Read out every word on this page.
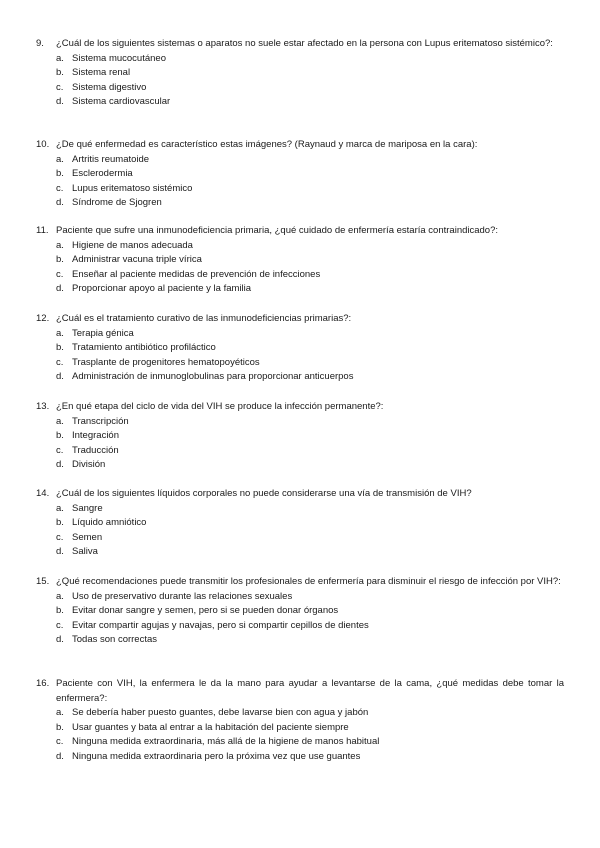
9.	¿Cuál de los siguientes sistemas o aparatos no suele estar afectado en la persona con Lupus eritematoso sistémico?:
a. Sistema mucocutáneo
b. Sistema renal
c. Sistema digestivo
d. Sistema cardiovascular
10. ¿De qué enfermedad es característico estas imágenes? (Raynaud y marca de mariposa en la cara):
a. Artritis reumatoide
b. Esclerodermia
c. Lupus eritematoso sistémico
d. Síndrome de Sjogren
11. Paciente que sufre una inmunodeficiencia primaria, ¿qué cuidado de enfermería estaría contraindicado?:
a. Higiene de manos adecuada
b. Administrar vacuna triple vírica
c. Enseñar al paciente medidas de prevención de infecciones
d. Proporcionar apoyo al paciente y la familia
12. ¿Cuál es el tratamiento curativo de las inmunodeficiencias primarias?:
a. Terapia génica
b. Tratamiento antibiótico profiláctico
c. Trasplante de progenitores hematopoyéticos
d. Administración de inmunoglobulinas para proporcionar anticuerpos
13. ¿En qué etapa del ciclo de vida del VIH se produce la infección permanente?:
a. Transcripción
b. Integración
c. Traducción
d. División
14. ¿Cuál de los siguientes líquidos corporales no puede considerarse una vía de transmisión de VIH?
a. Sangre
b. Líquido amniótico
c. Semen
d. Saliva
15. ¿Qué recomendaciones puede transmitir los profesionales de enfermería para disminuir el riesgo de infección por VIH?:
a. Uso de preservativo durante las relaciones sexuales
b. Evitar donar sangre y semen, pero si se pueden donar órganos
c. Evitar compartir agujas y navajas, pero si compartir cepillos de dientes
d. Todas son correctas
16. Paciente con VIH, la enfermera le da la mano para ayudar a levantarse de la cama, ¿qué medidas debe tomar la enfermera?:
a. Se debería haber puesto guantes, debe lavarse bien con agua y jabón
b. Usar guantes y bata al entrar a la habitación del paciente siempre
c. Ninguna medida extraordinaria, más allá de la higiene de manos habitual
d. Ninguna medida extraordinaria pero la próxima vez que use guantes
